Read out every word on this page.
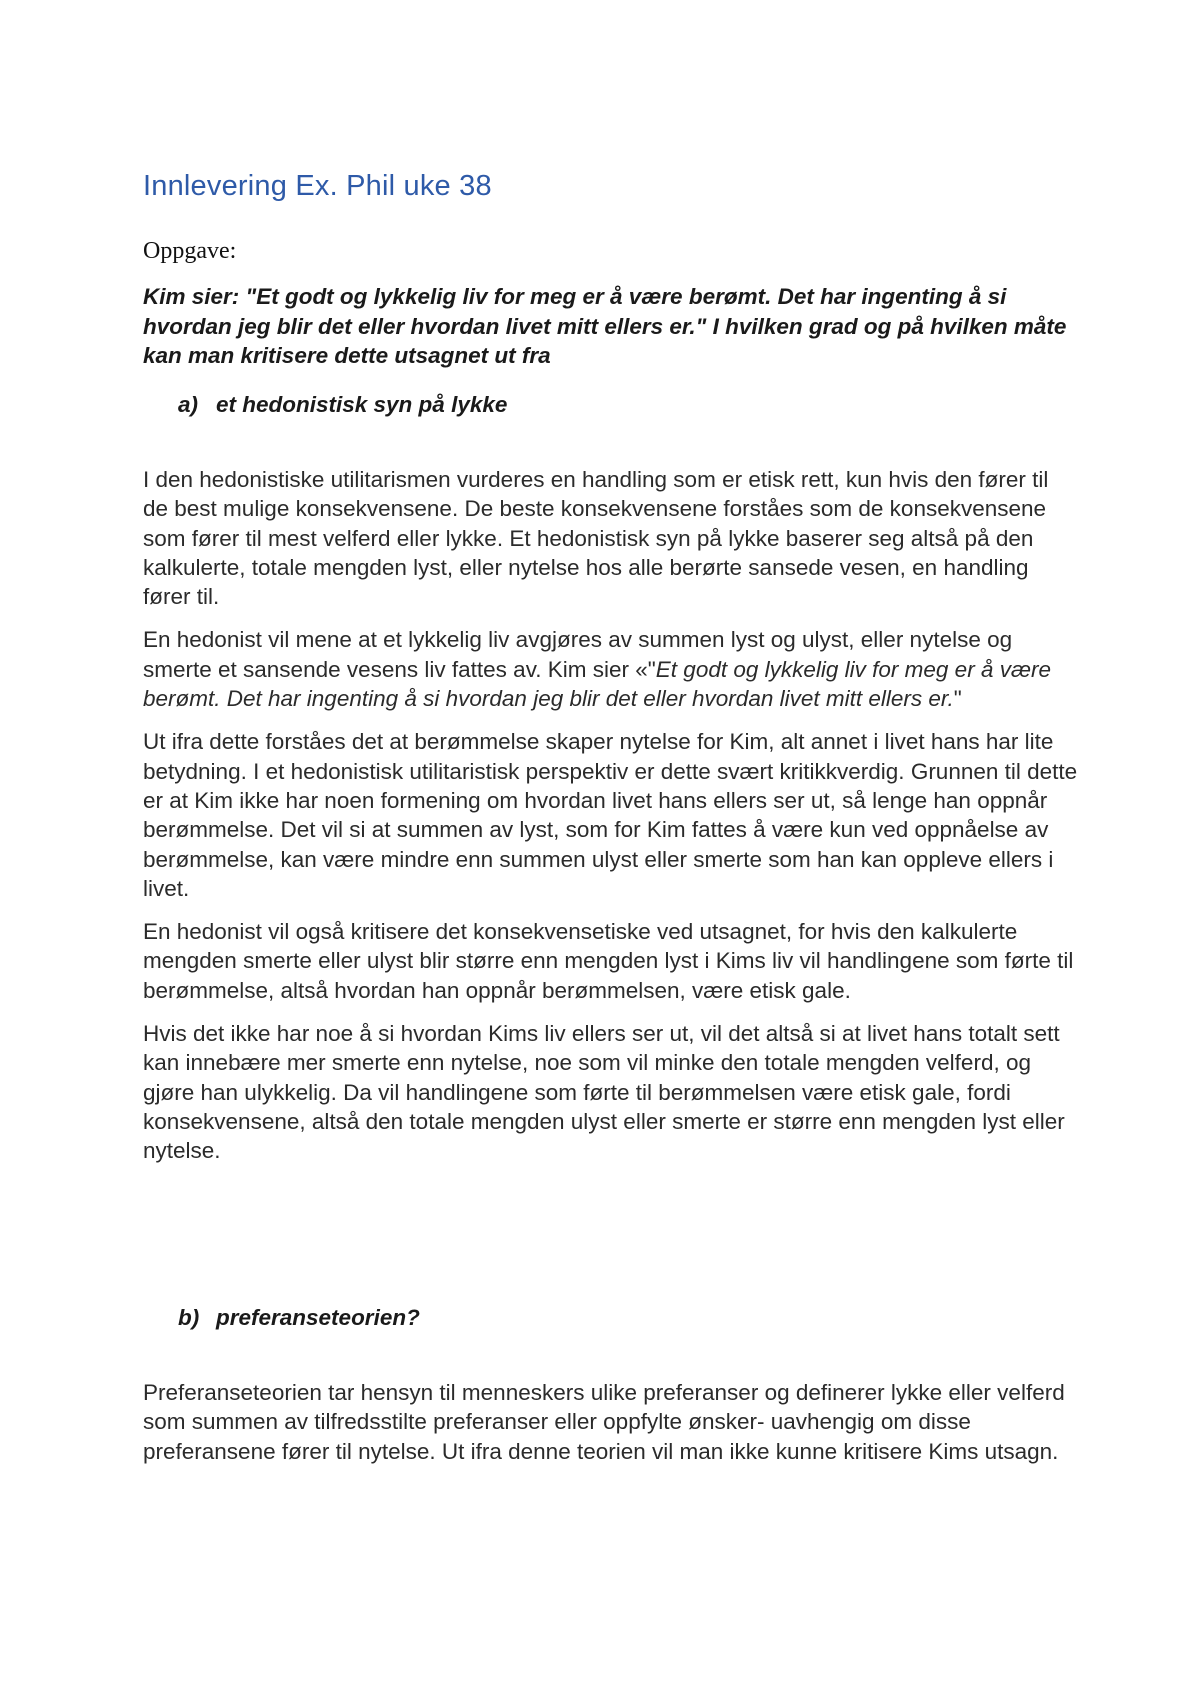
Innlevering Ex. Phil uke 38
Oppgave:

Kim sier: "Et godt og lykkelig liv for meg er å være berømt. Det har ingenting å si hvordan jeg blir det eller hvordan livet mitt ellers er." I hvilken grad og på hvilken måte kan man kritisere dette utsagnet ut fra

a) et hedonistisk syn på lykke

I den hedonistiske utilitarismen vurderes en handling som er etisk rett, kun hvis den fører til de best mulige konsekvensene. De beste konsekvensene forståes som de konsekvensene som fører til mest velferd eller lykke. Et hedonistisk syn på lykke baserer seg altså på den kalkulerte, totale mengden lyst, eller nytelse hos alle berørte sansede vesen, en handling fører til.

En hedonist vil mene at et lykkelig liv avgjøres av summen lyst og ulyst, eller nytelse og smerte et sansende vesens liv fattes av. Kim sier «"Et godt og lykkelig liv for meg er å være berømt. Det har ingenting å si hvordan jeg blir det eller hvordan livet mitt ellers er."

Ut ifra dette forståes det at berømmelse skaper nytelse for Kim, alt annet i livet hans har lite betydning. I et hedonistisk utilitaristisk perspektiv er dette svært kritikkverdig. Grunnen til dette er at Kim ikke har noen formening om hvordan livet hans ellers ser ut, så lenge han oppnår berømmelse. Det vil si at summen av lyst, som for Kim fattes å være kun ved oppnåelse av berømmelse, kan være mindre enn summen ulyst eller smerte som han kan oppleve ellers i livet.

En hedonist vil også kritisere det konsekvensetiske ved utsagnet, for hvis den kalkulerte mengden smerte eller ulyst blir større enn mengden lyst i Kims liv vil handlingene som førte til berømmelse, altså hvordan han oppnår berømmelsen, være etisk gale.

Hvis det ikke har noe å si hvordan Kims liv ellers ser ut, vil det altså si at livet hans totalt sett kan innebære mer smerte enn nytelse, noe som vil minke den totale mengden velferd, og gjøre han ulykkelig. Da vil handlingene som førte til berømmelsen være etisk gale, fordi konsekvensene, altså den totale mengden ulyst eller smerte er større enn mengden lyst eller nytelse.

b) preferanseteorien?

Preferanseteorien tar hensyn til menneskers ulike preferanser og definerer lykke eller velferd som summen av tilfredsstilte preferanser eller oppfylte ønsker- uavhengig om disse preferansene fører til nytelse. Ut ifra denne teorien vil man ikke kunne kritisere Kims utsagn.
